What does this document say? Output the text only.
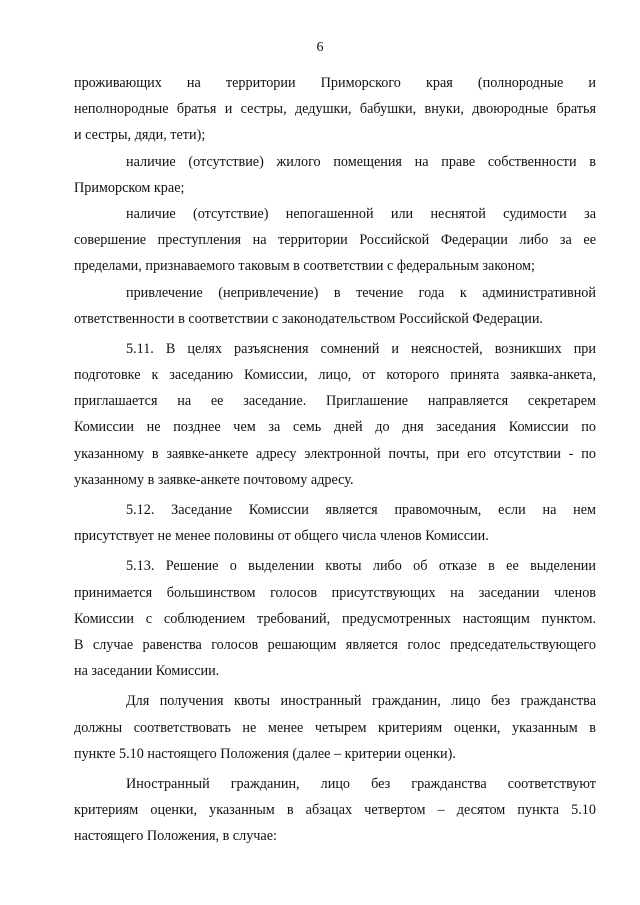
6

проживающих на территории Приморского края (полнородные и
неполнородные братья и сестры, дедушки, бабушки, внуки, двоюродные братья
и сестры, дяди, тети);

наличие (отсутствие) жилого помещения на праве собственности в
Приморском крае;

наличие (отсутствие) непогашенной или неснятой судимости за
совершение преступления на территории Российской Федерации либо за ее
пределами, признаваемого таковым в соответствии с федеральным законом;

привлечение (непривлечение) в течение года к административной
ответственности в соответствии с законодательством Российской Федерации.

5.11. В целях разъяснения сомнений и неясностей, возникших при
подготовке к заседанию Комиссии, лицо, от которого принята заявка-анкета,
приглашается на ее заседание. Приглашение направляется секретарем
Комиссии не позднее чем за семь дней до дня заседания Комиссии по
указанному в заявке-анкете адресу электронной почты, при его отсутствии - по
указанному в заявке-анкете почтовому адресу.

5.12. Заседание Комиссии является правомочным, если на нем
присутствует не менее половины от общего числа членов Комиссии.

5.13. Решение о выделении квоты либо об отказе в ее выделении
принимается большинством голосов присутствующих на заседании членов
Комиссии с соблюдением требований, предусмотренных настоящим пунктом.
В случае равенства голосов решающим является голос председательствующего
на заседании Комиссии.

Для получения квоты иностранный гражданин, лицо без гражданства
должны соответствовать не менее четырем критериям оценки, указанным в
пункте 5.10 настоящего Положения (далее – критерии оценки).

Иностранный гражданин, лицо без гражданства соответствуют
критериям оценки, указанным в абзацах четвертом – десятом пункта 5.10
настоящего Положения, в случае:
